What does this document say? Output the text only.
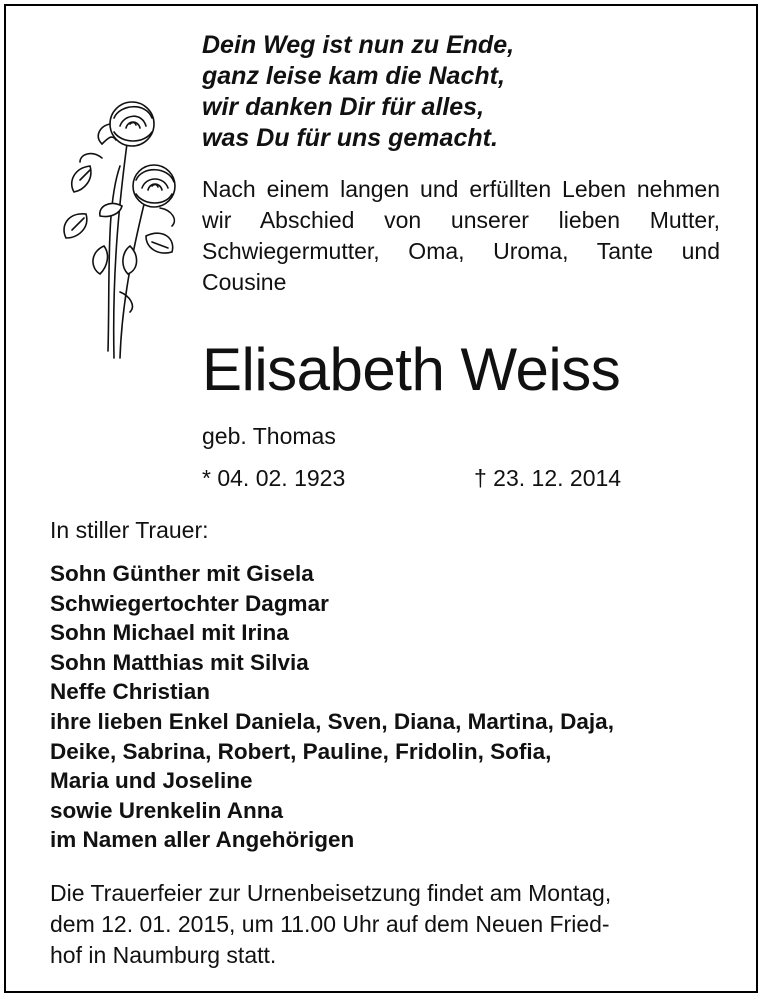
Dein Weg ist nun zu Ende,
ganz leise kam die Nacht,
wir danken Dir für alles,
was Du für uns gemacht.
Nach einem langen und erfüllten Leben nehmen wir Abschied von unserer lieben Mutter, Schwiegermutter, Oma, Uroma, Tante und Cousine
Elisabeth Weiss
geb. Thomas
* 04. 02. 1923	† 23. 12. 2014
In stiller Trauer:
Sohn Günther mit Gisela
Schwiegertochter Dagmar
Sohn Michael mit Irina
Sohn Matthias mit Silvia
Neffe Christian
ihre lieben Enkel Daniela, Sven, Diana, Martina, Daja,
Deike, Sabrina, Robert, Pauline, Fridolin, Sofia,
Maria und Joseline
sowie Urenkelin Anna
im Namen aller Angehörigen
Die Trauerfeier zur Urnenbeisetzung findet am Montag,
dem 12. 01. 2015, um 11.00 Uhr auf dem Neuen Fried-
hof in Naumburg statt.
